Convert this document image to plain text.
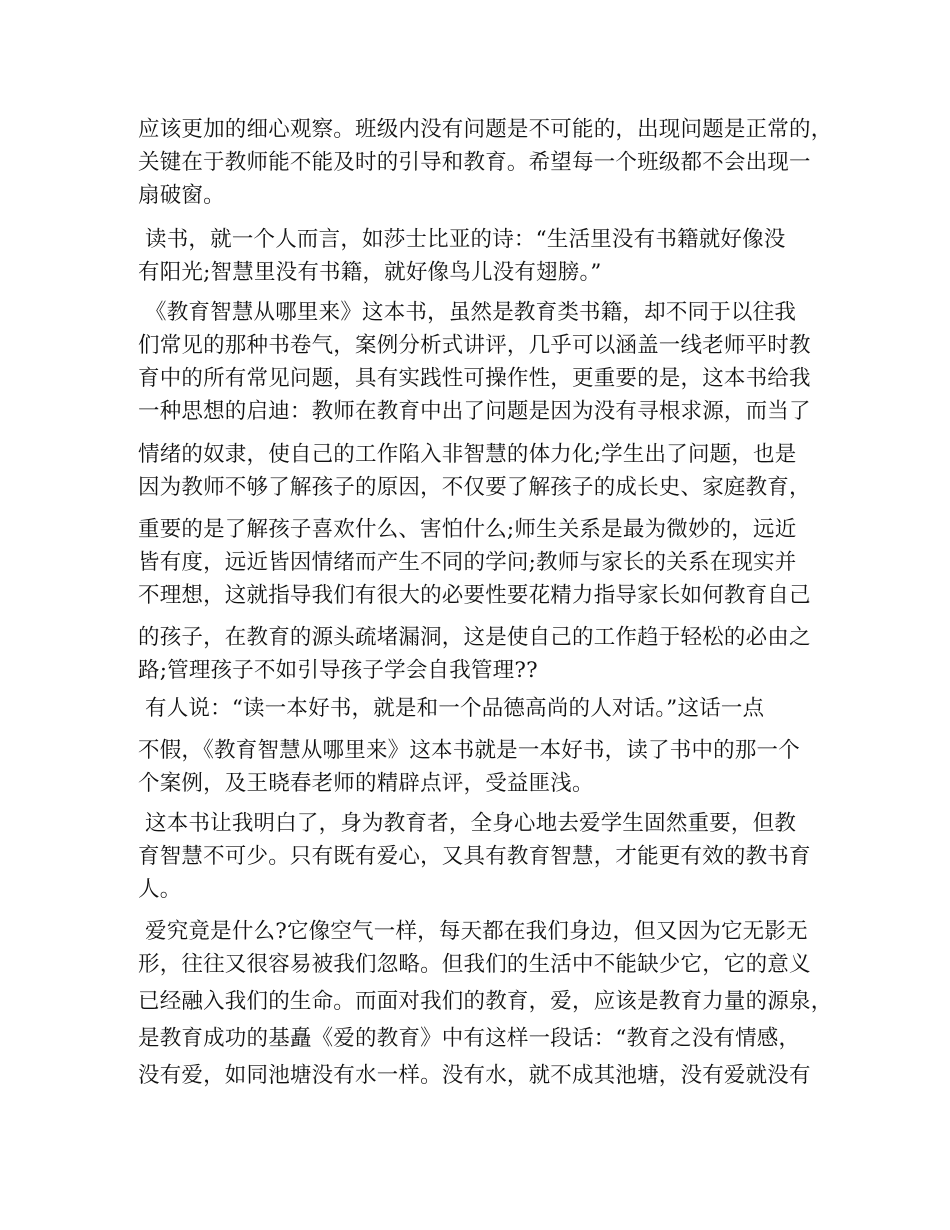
应该更加的细心观察。班级内没有问题是不可能的，出现问题是正常的，
关键在于教师能不能及时的引导和教育。希望每一个班级都不会出现一
扇破窗。
读书，就一个人而言，如莎士比亚的诗：“生活里没有书籍就好像没
有阳光;智慧里没有书籍，就好像鸟儿没有翅膀。”
《教育智慧从哪里来》这本书，虽然是教育类书籍，却不同于以往我
们常见的那种书卷气，案例分析式讲评，几乎可以涵盖一线老师平时教
育中的所有常见问题，具有实践性可操作性，更重要的是，这本书给我
一种思想的启迪：教师在教育中出了问题是因为没有寻根求源，而当了
情绪的奴隶，使自己的工作陷入非智慧的体力化;学生出了问题，也是
因为教师不够了解孩子的原因，不仅要了解孩子的成长史、家庭教育，
重要的是了解孩子喜欢什么、害怕什么;师生关系是最为微妙的，远近
皆有度，远近皆因情绪而产生不同的学问;教师与家长的关系在现实并
不理想，这就指导我们有很大的必要性要花精力指导家长如何教育自己
的孩子，在教育的源头疏堵漏洞，这是使自己的工作趋于轻松的必由之
路;管理孩子不如引导孩子学会自我管理??
有人说：“读一本好书，就是和一个品德高尚的人对话。”这话一点
不假，《教育智慧从哪里来》这本书就是一本好书，读了书中的那一个
个案例，及王晓春老师的精辟点评，受益匪浅。
这本书让我明白了，身为教育者，全身心地去爱学生固然重要，但教
育智慧不可少。只有既有爱心，又具有教育智慧，才能更有效的教书育
人。
爱究竟是什么?它像空气一样，每天都在我们身边，但又因为它无影无
形，往往又很容易被我们忽略。但我们的生活中不能缺少它，它的意义
已经融入我们的生命。而面对我们的教育，爱，应该是教育力量的源泉，
是教育成功的基矗《爱的教育》中有这样一段话：“教育之没有情感，
没有爱，如同池塘没有水一样。没有水，就不成其池塘，没有爱就没有
